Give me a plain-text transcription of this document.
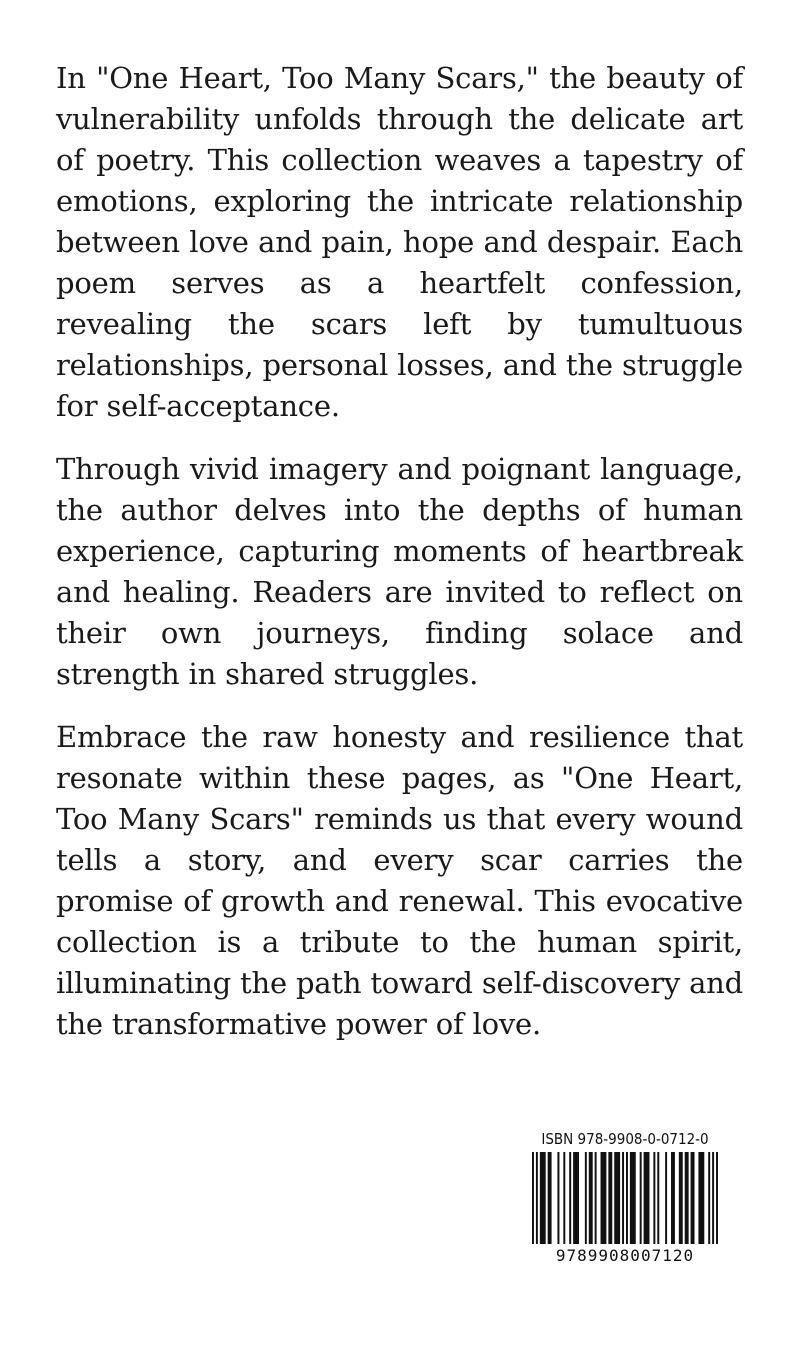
In "One Heart, Too Many Scars," the beauty of vulnerability unfolds through the delicate art of poetry. This collection weaves a tapestry of emotions, exploring the intricate relationship between love and pain, hope and despair. Each poem serves as a heartfelt confession, revealing the scars left by tumultuous relationships, personal losses, and the struggle for self-acceptance.

Through vivid imagery and poignant language, the author delves into the depths of human experience, capturing moments of heartbreak and healing. Readers are invited to reflect on their own journeys, finding solace and strength in shared struggles.

Embrace the raw honesty and resilience that resonate within these pages, as "One Heart, Too Many Scars" reminds us that every wound tells a story, and every scar carries the promise of growth and renewal. This evocative collection is a tribute to the human spirit, illuminating the path toward self-discovery and the transformative power of love.

ISBN 978-9908-0-0712-0
9789908007120
